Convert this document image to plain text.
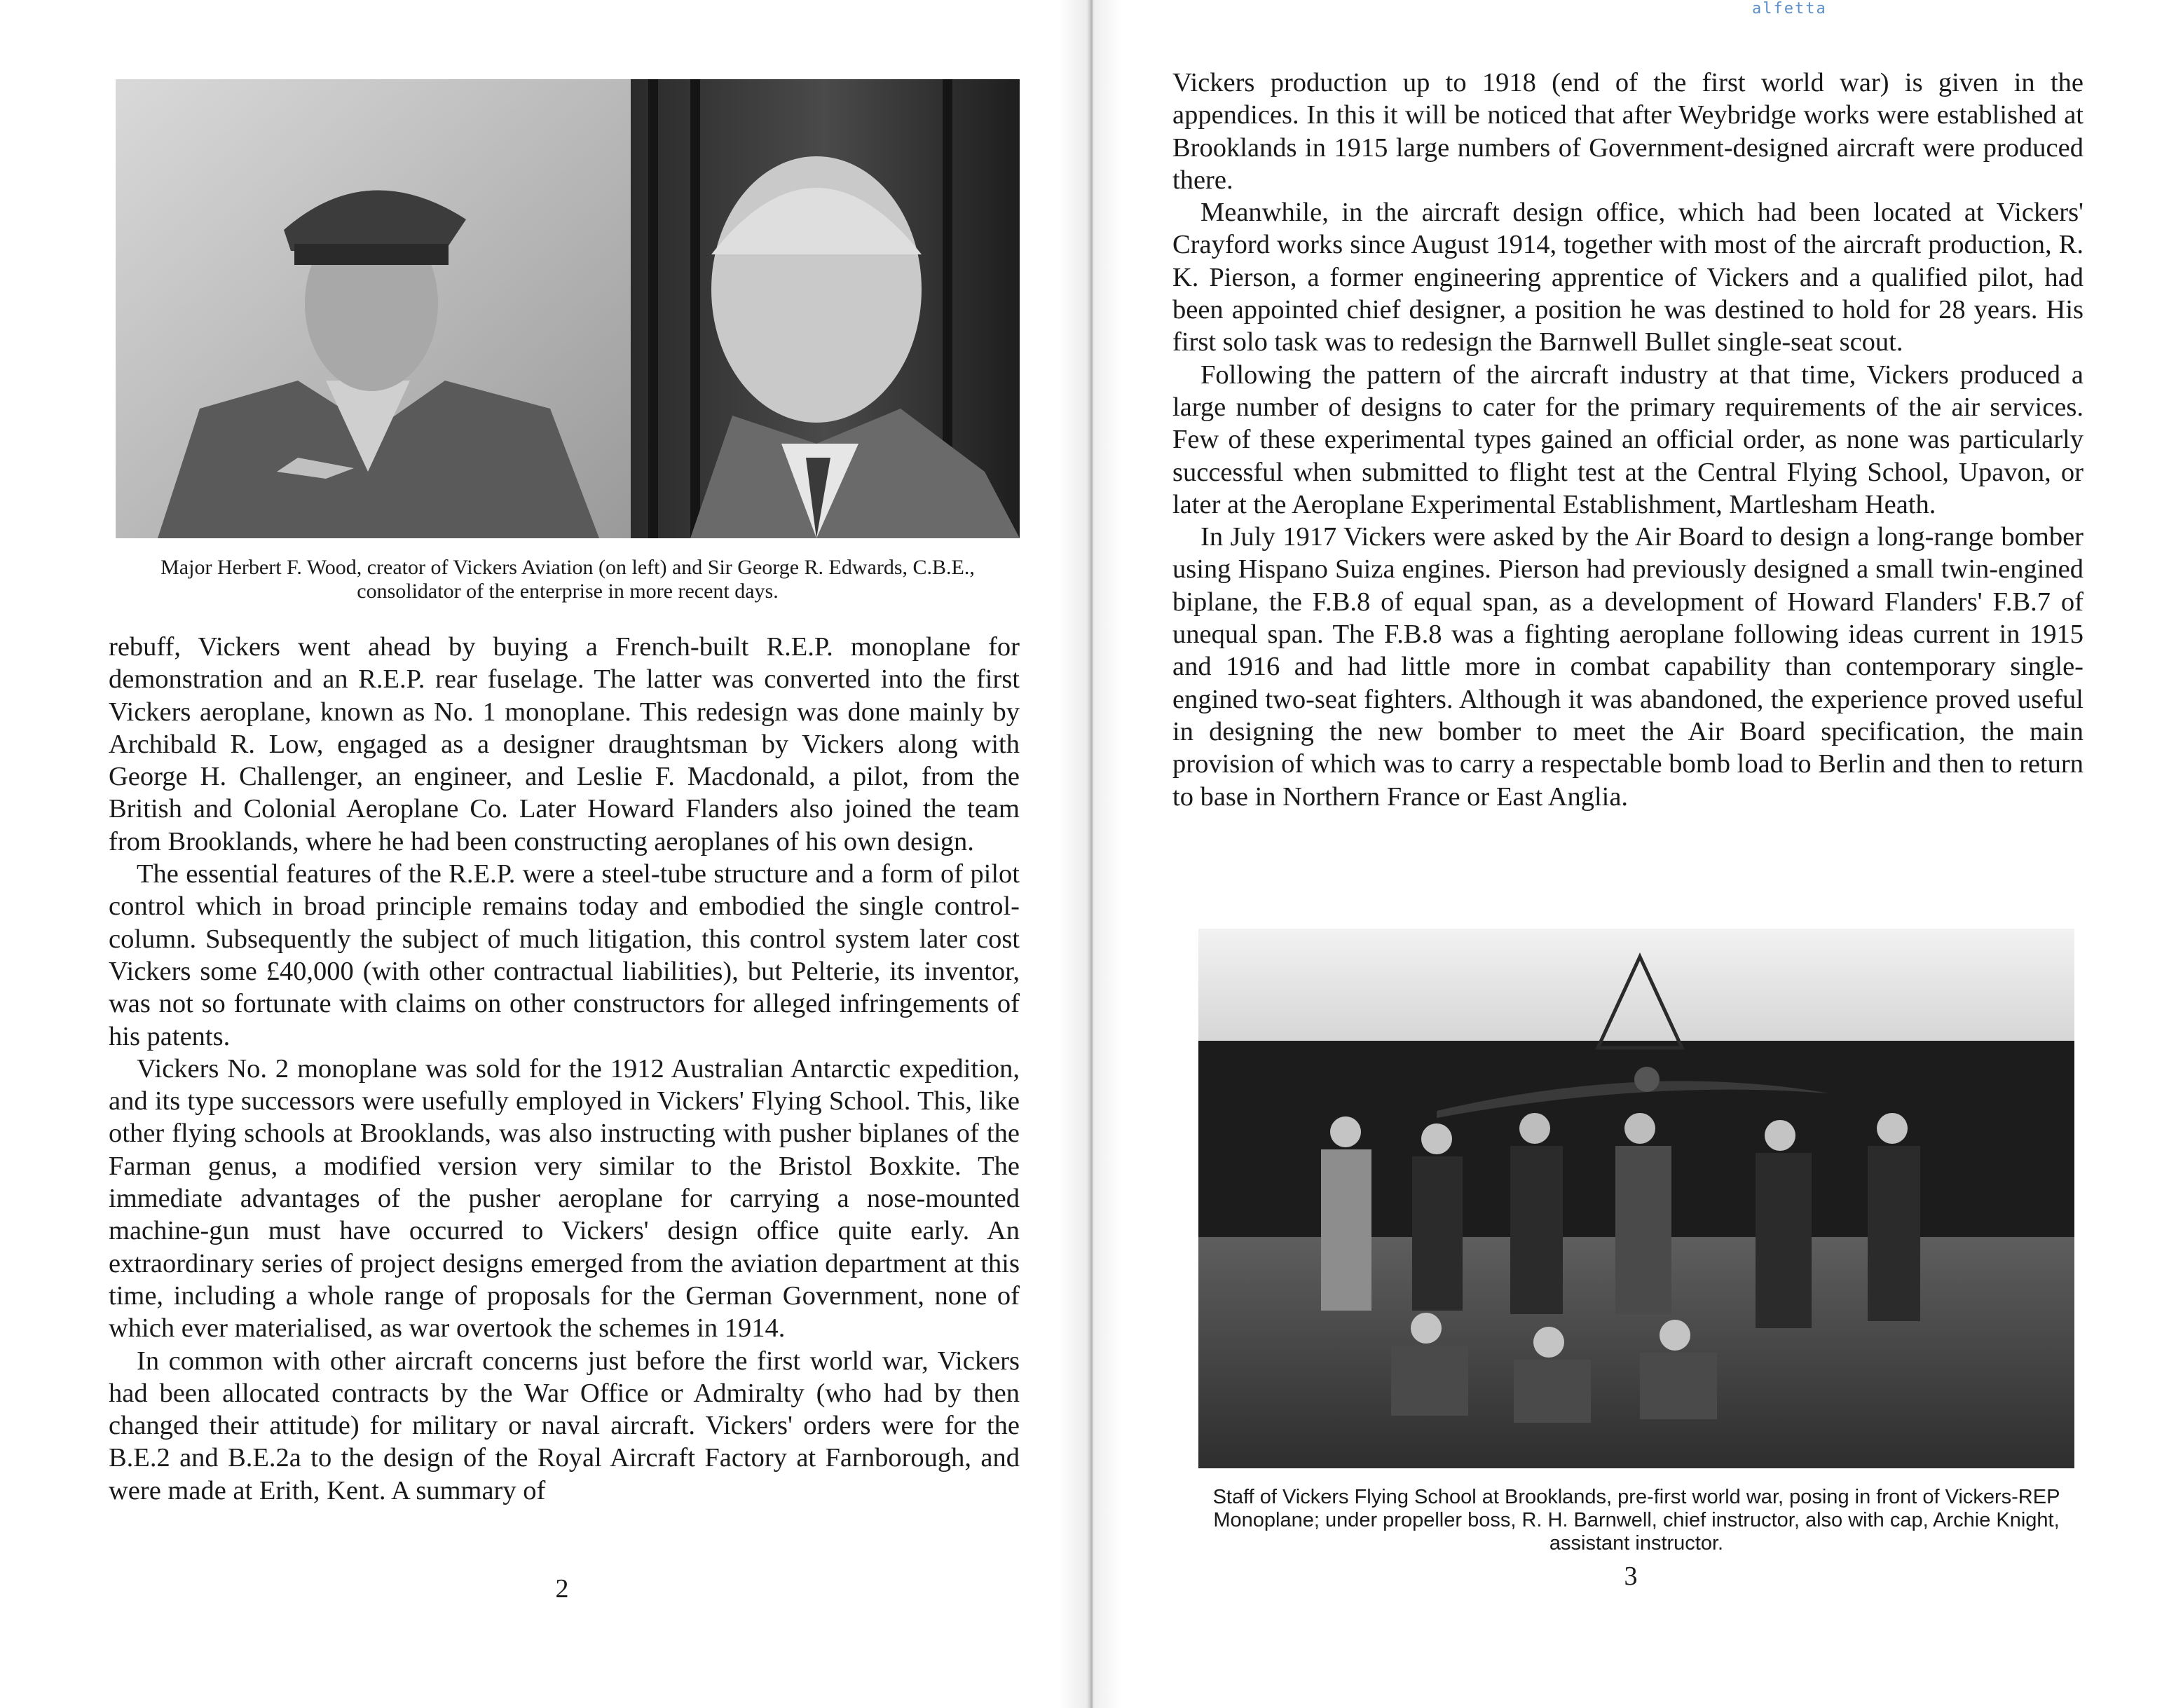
alfetta
Major Herbert F. Wood, creator of Vickers Aviation (on left) and Sir George R. Edwards, C.B.E., consolidator of the enterprise in more recent days.

rebuff, Vickers went ahead by buying a French-built R.E.P. monoplane for demonstration and an R.E.P. rear fuselage. The latter was converted into the first Vickers aeroplane, known as No. 1 monoplane. This redesign was done mainly by Archibald R. Low, engaged as a designer draughtsman by Vickers along with George H. Challenger, an engineer, and Leslie F. Macdonald, a pilot, from the British and Colonial Aeroplane Co. Later Howard Flanders also joined the team from Brooklands, where he had been constructing aeroplanes of his own design.

The essential features of the R.E.P. were a steel-tube structure and a form of pilot control which in broad principle remains today and embodied the single control-column. Subsequently the subject of much litigation, this control system later cost Vickers some £40,000 (with other contractual liabilities), but Pelterie, its inventor, was not so fortunate with claims on other constructors for alleged infringements of his patents.

Vickers No. 2 monoplane was sold for the 1912 Australian Antarctic expedition, and its type successors were usefully employed in Vickers' Flying School. This, like other flying schools at Brooklands, was also instructing with pusher biplanes of the Farman genus, a modified version very similar to the Bristol Boxkite. The immediate advantages of the pusher aeroplane for carrying a nose-mounted machine-gun must have occurred to Vickers' design office quite early. An extraordinary series of project designs emerged from the aviation department at this time, including a whole range of proposals for the German Government, none of which ever materialised, as war overtook the schemes in 1914.

In common with other aircraft concerns just before the first world war, Vickers had been allocated contracts by the War Office or Admiralty (who had by then changed their attitude) for military or naval aircraft. Vickers' orders were for the B.E.2 and B.E.2a to the design of the Royal Aircraft Factory at Farnborough, and were made at Erith, Kent. A summary of

2

Vickers production up to 1918 (end of the first world war) is given in the appendices. In this it will be noticed that after Weybridge works were established at Brooklands in 1915 large numbers of Government-designed aircraft were produced there.

Meanwhile, in the aircraft design office, which had been located at Vickers' Crayford works since August 1914, together with most of the aircraft production, R. K. Pierson, a former engineering apprentice of Vickers and a qualified pilot, had been appointed chief designer, a position he was destined to hold for 28 years. His first solo task was to redesign the Barnwell Bullet single-seat scout.

Following the pattern of the aircraft industry at that time, Vickers produced a large number of designs to cater for the primary requirements of the air services. Few of these experimental types gained an official order, as none was particularly successful when submitted to flight test at the Central Flying School, Upavon, or later at the Aeroplane Experimental Establishment, Martlesham Heath.

In July 1917 Vickers were asked by the Air Board to design a long-range bomber using Hispano Suiza engines. Pierson had previously designed a small twin-engined biplane, the F.B.8 of equal span, as a development of Howard Flanders' F.B.7 of unequal span. The F.B.8 was a fighting aeroplane following ideas current in 1915 and 1916 and had little more in combat capability than contemporary single-engined two-seat fighters. Although it was abandoned, the experience proved useful in designing the new bomber to meet the Air Board specification, the main provision of which was to carry a respectable bomb load to Berlin and then to return to base in Northern France or East Anglia.

Staff of Vickers Flying School at Brooklands, pre-first world war, posing in front of Vickers-REP Monoplane; under propeller boss, R. H. Barnwell, chief instructor, also with cap, Archie Knight, assistant instructor.
3
